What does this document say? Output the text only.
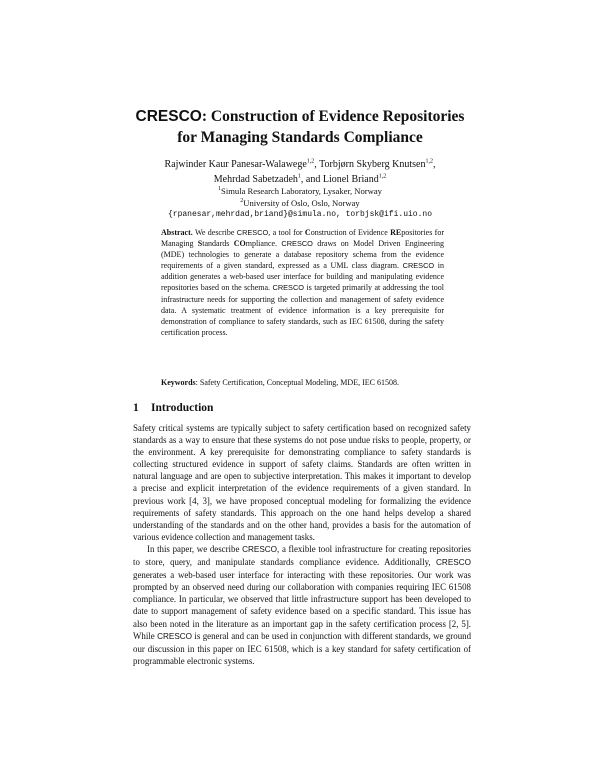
CRESCO: Construction of Evidence Repositories
for Managing Standards Compliance
Rajwinder Kaur Panesar-Walawege$^{1,2}$, Torbjørn Skyberg Knutsen$^{1,2}$,
Mehrdad Sabetzadeh$^1$, and Lionel Briand$^{1,2}$
$^1$Simula Research Laboratory, Lysaker, Norway
$^2$University of Oslo, Oslo, Norway
{rpanesar,mehrdad,briand}@simula.no, torbjsk@ifi.uio.no
Abstract. We describe CRESCO, a tool for Construction of Evidence REpositories for Managing Standards COmpliance. CRESCO draws on Model Driven Engineering (MDE) technologies to generate a database repository schema from the evidence requirements of a given standard, expressed as a UML class diagram. CRESCO in addition generates a web-based user interface for building and manipulating evidence repositories based on the schema. CRESCO is targeted primarily at addressing the tool infrastructure needs for supporting the collection and management of safety evidence data. A systematic treatment of evidence information is a key prerequisite for demonstration of compliance to safety standards, such as IEC 61508, during the safety certification process.
Keywords: Safety Certification, Conceptual Modeling, MDE, IEC 61508.
1 Introduction

Safety critical systems are typically subject to safety certification based on recognized safety standards as a way to ensure that these systems do not pose undue risks to people, property, or the environment. A key prerequisite for demonstrating compliance to safety standards is collecting structured evidence in support of safety claims. Standards are often written in natural language and are open to subjective interpretation. This makes it important to develop a precise and explicit interpretation of the evidence requirements of a given standard. In previous work [4, 3], we have proposed conceptual modeling for formalizing the evidence requirements of safety standards. This approach on the one hand helps develop a shared understanding of the standards and on the other hand, provides a basis for the automation of various evidence collection and management tasks.

In this paper, we describe CRESCO, a flexible tool infrastructure for creating repositories to store, query, and manipulate standards compliance evidence. Additionally, CRESCO generates a web-based user interface for interacting with these repositories. Our work was prompted by an observed need during our collaboration with companies requiring IEC 61508 compliance. In particular, we observed that little infrastructure support has been developed to date to support management of safety evidence based on a specific standard. This issue has also been noted in the literature as an important gap in the safety certification process [2, 5]. While CRESCO is general and can be used in conjunction with different standards, we ground our discussion in this paper on IEC 61508, which is a key standard for safety certification of programmable electronic systems.
